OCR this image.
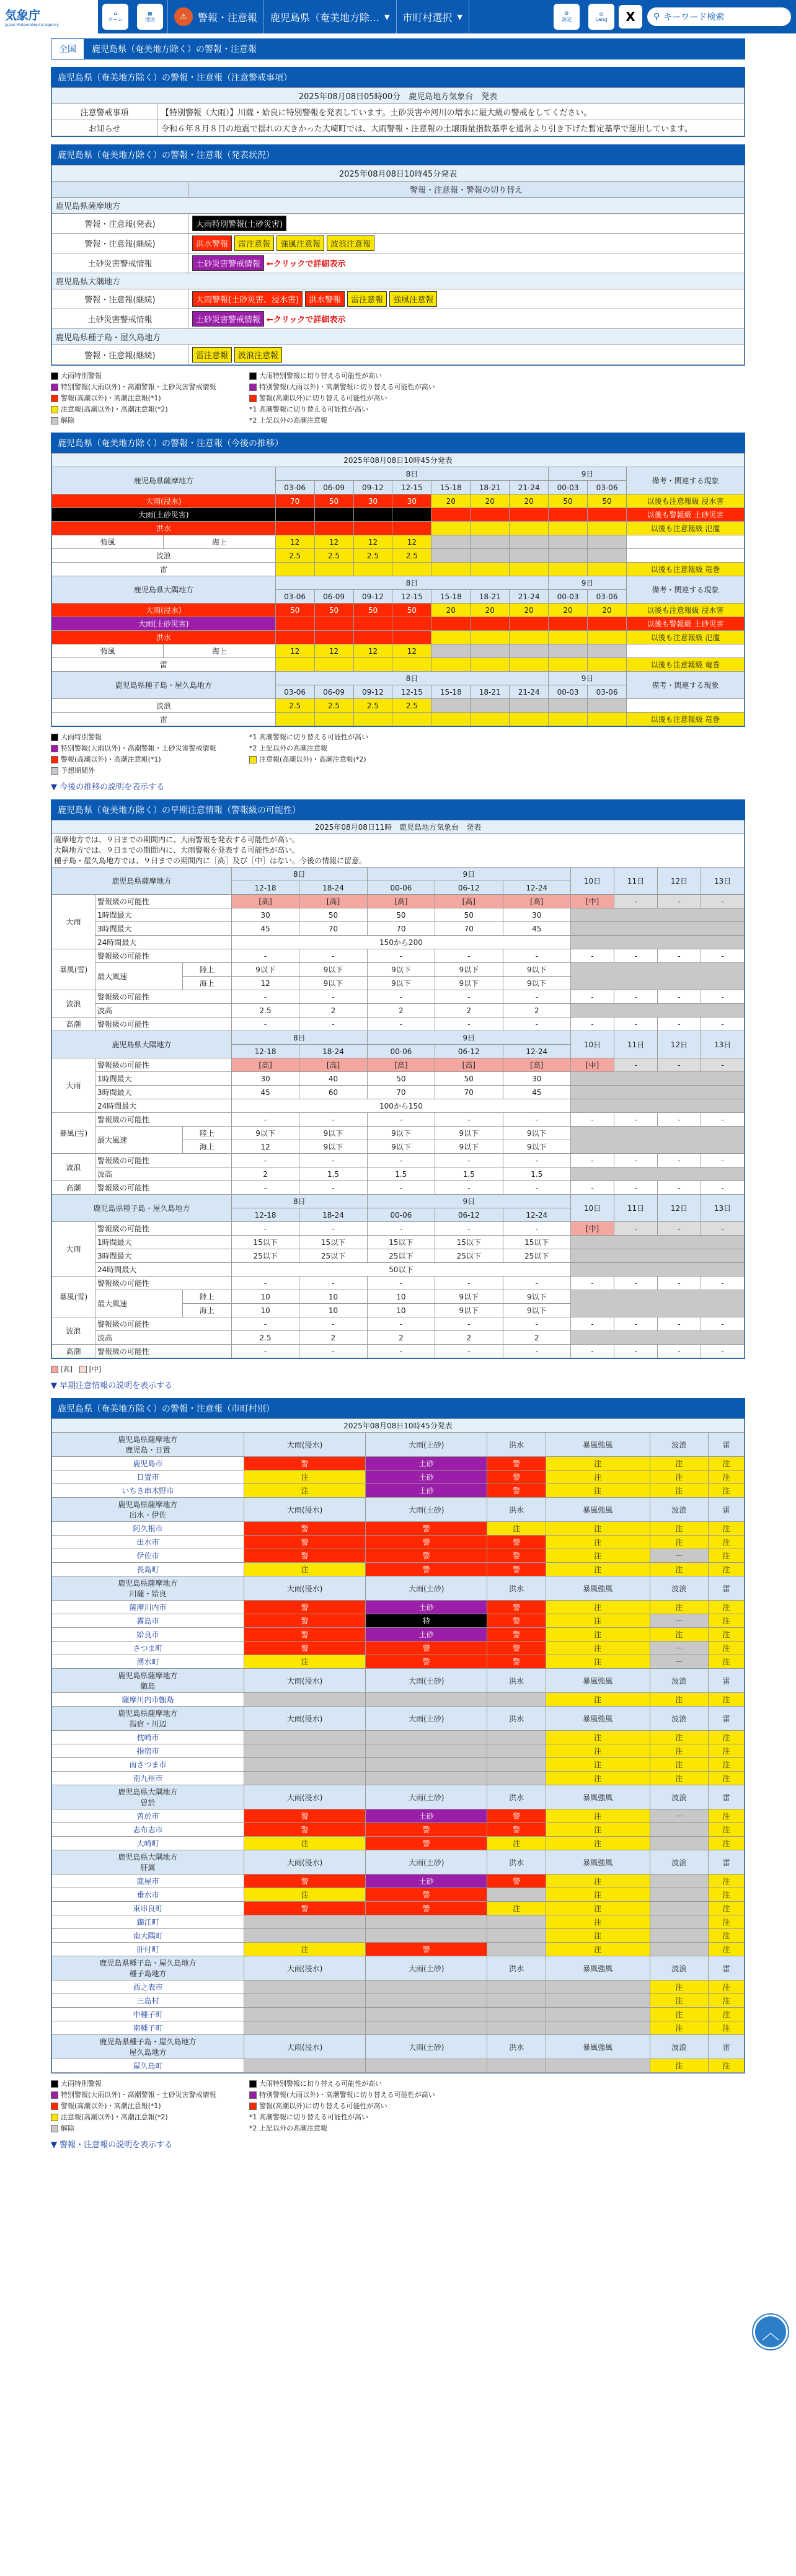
気象庁
Japan Meteorological Agency
⌂
ホーム
▦
地図	⚠	警報・注意報 鹿児島県（奄美地方除… ▼ 市町村選択 ▼	⚙
設定
◎
Lang	X	⚲ キーワード検索
全国	鹿児島県（奄美地方除く）の警報・注意報
鹿児島県（奄美地方除く）の警報・注意報（注意警戒事項）
2025年08月08日05時00分　鹿児島地方気象台　発表	
注意警戒事項	【特別警報（大雨）】川薩・姶良に特別警報を発表しています。土砂災害や河川の増水に最大級の警戒をしてください。
お知らせ	令和６年８月８日の地震で揺れの大きかった大崎町では、大雨警報・注意報の土壌雨量指数基準を通常より引き下げた暫定基準で運用しています。
鹿児島県（奄美地方除く）の警報・注意報（発表状況）
2025年08月08日10時45分発表	
	警報・注意報・警報の切り替え
鹿児島県薩摩地方	
警報・注意報(発表)	大雨特別警報(土砂災害)
警報・注意報(継続)	洪水警報 雷注意報 強風注意報 波浪注意報
土砂災害警戒情報	土砂災害警戒情報 ←クリックで詳細表示
鹿児島県大隅地方	
警報・注意報(継続)	大雨警報(土砂災害、浸水害) 洪水警報 雷注意報 強風注意報
土砂災害警戒情報	土砂災害警戒情報 ←クリックで詳細表示
鹿児島県種子島・屋久島地方	
警報・注意報(継続)	雷注意報 波浪注意報
大雨特別警報	大雨特別警報に切り替える可能性が高い
特別警報(大雨以外)・高潮警報・土砂災害警戒情報	特別警報(大雨以外)・高潮警報に切り替える可能性が高い
警報(高潮以外)・高潮注意報(*1)	警報(高潮以外)に切り替える可能性が高い
注意報(高潮以外)・高潮注意報(*2)	*1 高潮警報に切り替える可能性が高い
解除	*2 上記以外の高潮注意報
鹿児島県（奄美地方除く）の警報・注意報（今後の推移）
2025年08月08日10時45分発表											
鹿児島県薩摩地方		8日							9日		備考・関連する現象
		03-06	06-09	09-12	12-15	15-18	18-21	21-24	00-03	03-06	
大雨(浸水)		70	50	30	30	20	20	20	50	50	以後も注意報級 浸水害
大雨(土砂災害)											以後も警報級 土砂災害
洪水											以後も注意報級 氾濫
強風	海上	12	12	12	12						
波浪		2.5	2.5	2.5	2.5						
雷											以後も注意報級 竜巻
鹿児島県大隅地方		8日							9日		備考・関連する現象
		03-06	06-09	09-12	12-15	15-18	18-21	21-24	00-03	03-06	
大雨(浸水)		50	50	50	50	20	20	20	20	20	以後も注意報級 浸水害
大雨(土砂災害)											以後も警報級 土砂災害
洪水											以後も注意報級 氾濫
強風	海上	12	12	12	12						
雷											以後も注意報級 竜巻
鹿児島県種子島・屋久島地方		8日							9日		備考・関連する現象
		03-06	06-09	09-12	12-15	15-18	18-21	21-24	00-03	03-06	
波浪		2.5	2.5	2.5	2.5						
雷											以後も注意報級 竜巻
大雨特別警報	*1 高潮警報に切り替える可能性が高い
特別警報(大雨以外)・高潮警報・土砂災害警戒情報	*2 上記以外の高潮注意報
警報(高潮以外)・高潮注意報(*1)	注意報(高潮以外)・高潮注意報(*2)
予想期間外
▼ 今後の推移の説明を表示する
鹿児島県（奄美地方除く）の早期注意情報（警報級の可能性）
2025年08月08日11時　鹿児島地方気象台　発表											

薩摩地方では、９日までの期間内に、大雨警報を発表する可能性が高い。
大隅地方では、９日までの期間内に、大雨警報を発表する可能性が高い。
種子島・屋久島地方では、９日までの期間内に［高］及び［中］はない。今後の情報に留意。											

鹿児島県薩摩地方			8日		9日			10日	11日	12日	13日
			12-18	18-24	00-06	06-12	12-24				
大雨	警報級の可能性		[高]	[高]	[高]	[高]	[高]	[中]	-	-	-
	1時間最大		30	50	50	50	30				
	3時間最大		45	70	70	70	45				
	24時間最大		150から200								
暴風(雪)	警報級の可能性		-	-	-	-	-	-	-	-	-
	最大風速	陸上	9以下	9以下	9以下	9以下	9以下				
		海上	12	9以下	9以下	9以下	9以下				
波浪	警報級の可能性		-	-	-	-	-	-	-	-	-
	波高		2.5	2	2	2	2				
高潮	警報級の可能性		-	-	-	-	-	-	-	-	-
鹿児島県大隅地方			8日		9日			10日	11日	12日	13日
			12-18	18-24	00-06	06-12	12-24				
大雨	警報級の可能性		[高]	[高]	[高]	[高]	[高]	[中]	-	-	-
	1時間最大		30	40	50	50	30				
	3時間最大		45	60	70	70	45				
	24時間最大		100から150								
暴風(雪)	警報級の可能性		-	-	-	-	-	-	-	-	-
	最大風速	陸上	9以下	9以下	9以下	9以下	9以下				
		海上	12	9以下	9以下	9以下	9以下				
波浪	警報級の可能性		-	-	-	-	-	-	-	-	-
	波高		2	1.5	1.5	1.5	1.5				
高潮	警報級の可能性		-	-	-	-	-	-	-	-	-
鹿児島県種子島・屋久島地方			8日		9日			10日	11日	12日	13日
			12-18	18-24	00-06	06-12	12-24				
大雨	警報級の可能性		-	-	-	-	-	[中]	-	-	-
	1時間最大		15以下	15以下	15以下	15以下	15以下				
	3時間最大		25以下	25以下	25以下	25以下	25以下				
	24時間最大		50以下								
暴風(雪)	警報級の可能性		-	-	-	-	-	-	-	-	-
	最大風速	陸上	10	10	10	9以下	9以下				
		海上	10	10	10	9以下	9以下				
波浪	警報級の可能性		-	-	-	-	-	-	-	-	-
	波高		2.5	2	2	2	2				
高潮	警報級の可能性		-	-	-	-	-	-	-	-	-
[高]　 [中]
▼ 早期注意情報の説明を表示する
鹿児島県（奄美地方除く）の警報・注意報（市町村別）
2025年08月08日10時45分発表						

鹿児島県薩摩地方
鹿児島・日置	大雨(浸水)	大雨(土砂)	洪水	暴風強風	波浪	雷
鹿児島市	警	土砂	警	注	注	注
日置市	注	土砂	警	注	注	注
いちき串木野市	注	土砂	警	注	注	注

鹿児島県薩摩地方
出水・伊佐	大雨(浸水)	大雨(土砂)	洪水	暴風強風	波浪	雷
阿久根市	警	警	注	注	注	注
出水市	警	警	警	注	注	注
伊佐市	警	警	警	注	－	注
長島町	注	警	警	注	注	注

鹿児島県薩摩地方
川薩・姶良	大雨(浸水)	大雨(土砂)	洪水	暴風強風	波浪	雷
薩摩川内市	警	土砂	警	注	注	注
霧島市	警	特	警	注	－	注
姶良市	警	土砂	警	注	注	注
さつま町	警	警	警	注	－	注
湧水町	注	警	警	注	－	注

鹿児島県薩摩地方
甑島	大雨(浸水)	大雨(土砂)	洪水	暴風強風	波浪	雷
薩摩川内市甑島				注	注	注

鹿児島県薩摩地方
指宿・川辺	大雨(浸水)	大雨(土砂)	洪水	暴風強風	波浪	雷
枕崎市				注	注	注
指宿市				注	注	注
南さつま市				注	注	注
南九州市				注	注	注

鹿児島県大隅地方
曽於	大雨(浸水)	大雨(土砂)	洪水	暴風強風	波浪	雷
曽於市	警	土砂	警	注	－	注
志布志市	警	警	警	注		注
大崎町	注	警	注	注		注

鹿児島県大隅地方
肝属	大雨(浸水)	大雨(土砂)	洪水	暴風強風	波浪	雷
鹿屋市	警	土砂	警	注		注
垂水市	注	警		注		注
東串良町	警	警	注	注		注
錦江町				注		注
南大隅町				注		注
肝付町	注	警		注		注

鹿児島県種子島・屋久島地方
種子島地方	大雨(浸水)	大雨(土砂)	洪水	暴風強風	波浪	雷
西之表市					注	注
三島村					注	注
中種子町					注	注
南種子町					注	注

鹿児島県種子島・屋久島地方
屋久島地方	大雨(浸水)	大雨(土砂)	洪水	暴風強風	波浪	雷
屋久島町					注	注
大雨特別警報	大雨特別警報に切り替える可能性が高い
特別警報(大雨以外)・高潮警報・土砂災害警戒情報	特別警報(大雨以外)・高潮警報に切り替える可能性が高い
警報(高潮以外)・高潮注意報(*1)	警報(高潮以外)に切り替える可能性が高い
注意報(高潮以外)・高潮注意報(*2)	*1 高潮警報に切り替える可能性が高い
解除	*2 上記以外の高潮注意報
▼ 警報・注意報の説明を表示する
︿
